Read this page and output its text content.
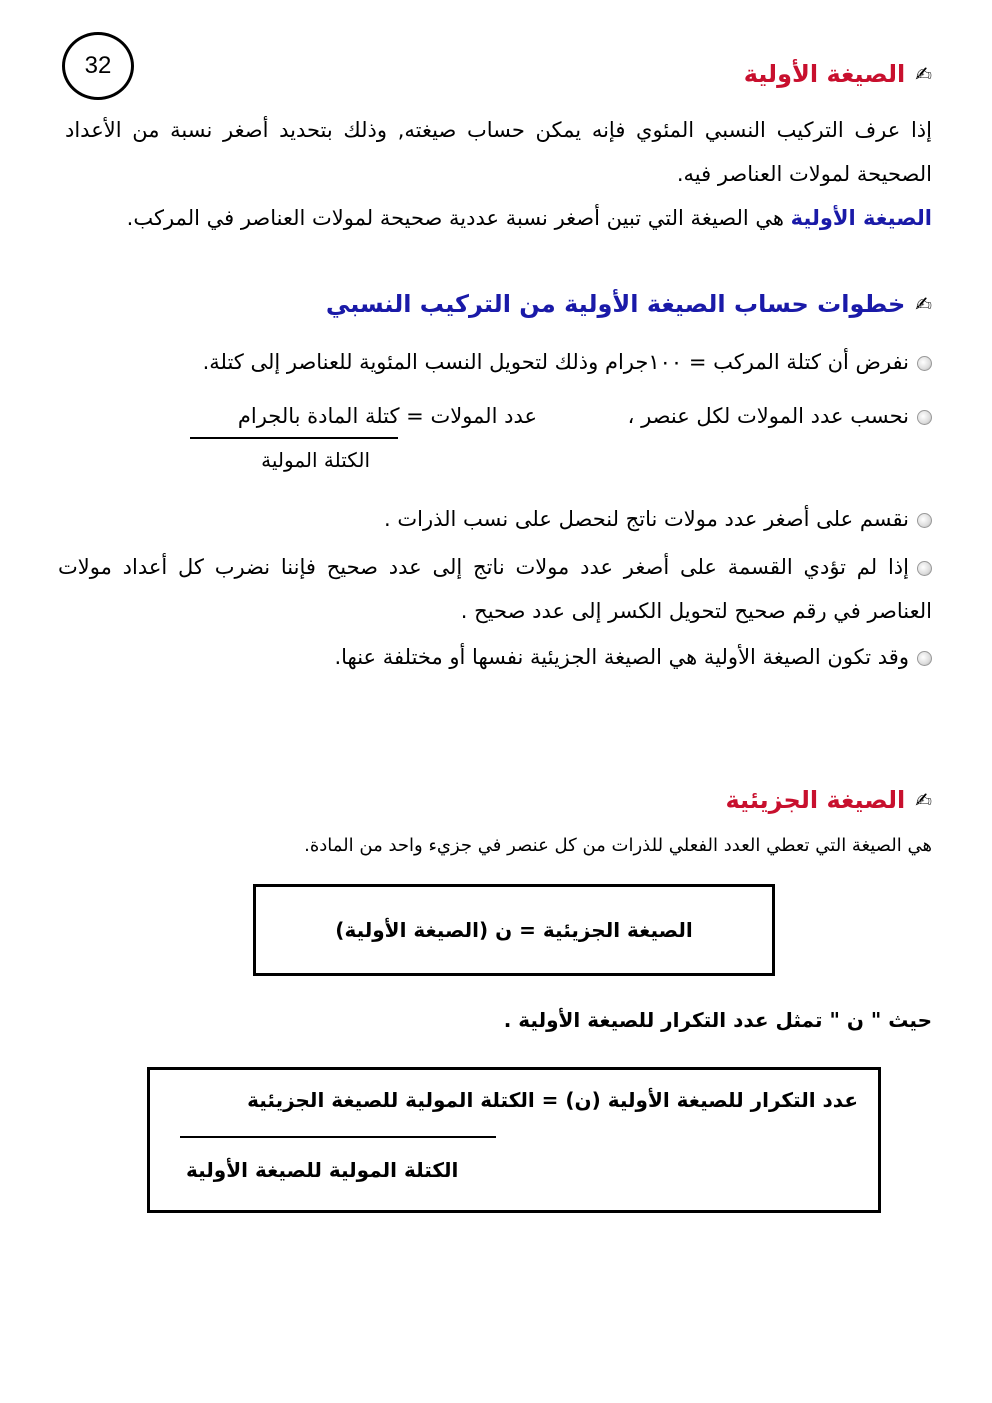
32	✍
الصيغة الأولية
إذا عرف التركيب النسبي المئوي فإنه يمكن حساب صيغته, وذلك بتحديد أصغر نسبة من الأعداد الصحيحة لمولات العناصر فيه.
الصيغة الأولية هي الصيغة التي تبين أصغر نسبة عددية صحيحة لمولات العناصر في المركب.
✍
خطوات حساب الصيغة الأولية من التركيب النسبي
نفرض أن كتلة المركب = ١٠٠جرام وذلك لتحويل النسب المئوية للعناصر إلى كتلة.
نحسب عدد المولات لكل عنصر ،
عدد المولات = كتلة المادة بالجرام
الكتلة المولية
نقسم على أصغر عدد مولات ناتج لنحصل على نسب الذرات .
إذا لم تؤدي القسمة على أصغر عدد مولات ناتج إلى عدد صحيح فإننا نضرب كل أعداد مولات العناصر في رقم صحيح لتحويل الكسر إلى عدد صحيح .
وقد تكون الصيغة الأولية هي الصيغة الجزيئية نفسها أو مختلفة عنها.
✍
الصيغة الجزيئية
هي الصيغة التي تعطي العدد الفعلي للذرات من كل عنصر في جزيء واحد من المادة.
الصيغة الجزيئية = ن (الصيغة الأولية)
حيث " ن " تمثل عدد التكرار للصيغة الأولية .
عدد التكرار للصيغة الأولية (ن) = الكتلة المولية للصيغة الجزيئية
الكتلة المولية للصيغة الأولية
